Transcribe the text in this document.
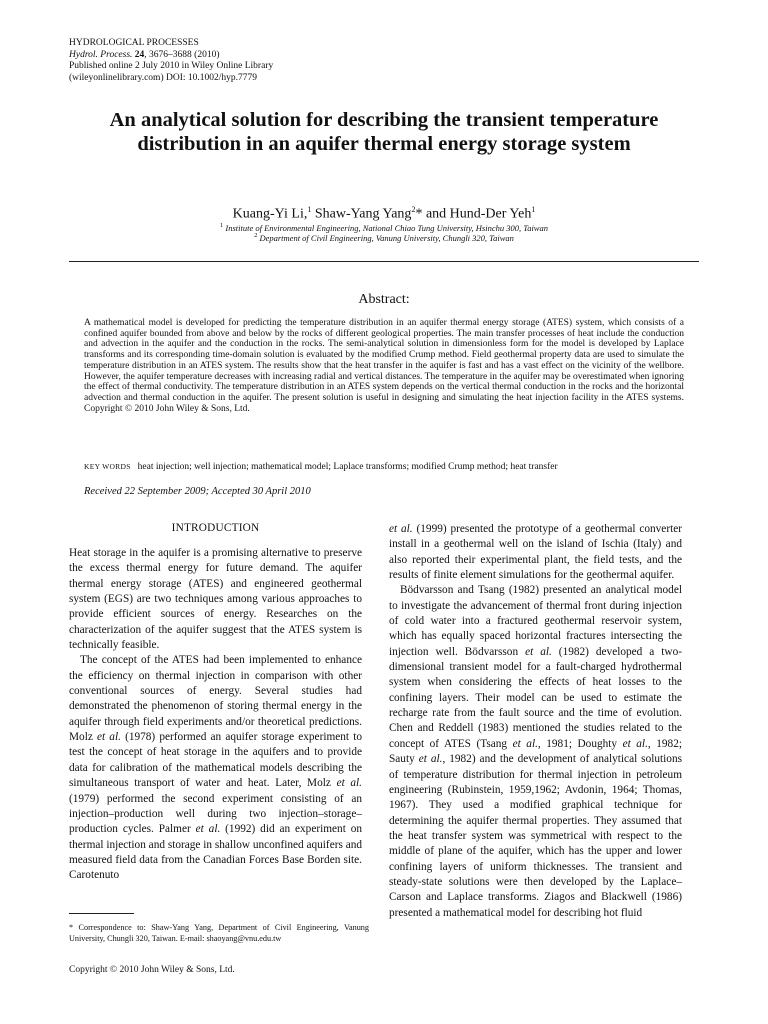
HYDROLOGICAL PROCESSES
Hydrol. Process. 24, 3676–3688 (2010)
Published online 2 July 2010 in Wiley Online Library
(wileyonlinelibrary.com) DOI: 10.1002/hyp.7779
An analytical solution for describing the transient temperature distribution in an aquifer thermal energy storage system
Kuang-Yi Li,$^1$ Shaw-Yang Yang$^2$* and Hund-Der Yeh$^1$
$^1$ Institute of Environmental Engineering, National Chiao Tung University, Hsinchu 300, Taiwan
$^2$ Department of Civil Engineering, Vanung University, Chungli 320, Taiwan
Abstract:

A mathematical model is developed for predicting the temperature distribution in an aquifer thermal energy storage (ATES) system, which consists of a confined aquifer bounded from above and below by the rocks of different geological properties. The main transfer processes of heat include the conduction and advection in the aquifer and the conduction in the rocks. The semi-analytical solution in dimensionless form for the model is developed by Laplace transforms and its corresponding time-domain solution is evaluated by the modified Crump method. Field geothermal property data are used to simulate the temperature distribution in an ATES system. The results show that the heat transfer in the aquifer is fast and has a vast effect on the vicinity of the wellbore. However, the aquifer temperature decreases with increasing radial and vertical distances. The temperature in the aquifer may be overestimated when ignoring the effect of thermal conductivity. The temperature distribution in an ATES system depends on the vertical thermal conduction in the rocks and the horizontal advection and thermal conduction in the aquifer. The present solution is useful in designing and simulating the heat injection facility in the ATES systems. Copyright © 2010 John Wiley & Sons, Ltd.

KEY WORDS heat injection; well injection; mathematical model; Laplace transforms; modified Crump method; heat transfer
Received 22 September 2009; Accepted 30 April 2010
INTRODUCTION

Heat storage in the aquifer is a promising alternative to preserve the excess thermal energy for future demand. The aquifer thermal energy storage (ATES) and engineered geothermal system (EGS) are two techniques among various approaches to provide efficient sources of energy. Researches on the characterization of the aquifer suggest that the ATES system is technically feasible.

The concept of the ATES had been implemented to enhance the efficiency on thermal injection in comparison with other conventional sources of energy. Several studies had demonstrated the phenomenon of storing thermal energy in the aquifer through field experiments and/or theoretical predictions. Molz et al. (1978) performed an aquifer storage experiment to test the concept of heat storage in the aquifers and to provide data for calibration of the mathematical models describing the simultaneous transport of water and heat. Later, Molz et al. (1979) performed the second experiment consisting of an injection–production well during two injection–storage–production cycles. Palmer et al. (1992) did an experiment on thermal injection and storage in shallow unconfined aquifers and measured field data from the Canadian Forces Base Borden site. Carotenuto

et al. (1999) presented the prototype of a geothermal converter install in a geothermal well on the island of Ischia (Italy) and also reported their experimental plant, the field tests, and the results of finite element simulations for the geothermal aquifer.

Bödvarsson and Tsang (1982) presented an analytical model to investigate the advancement of thermal front during injection of cold water into a fractured geothermal reservoir system, which has equally spaced horizontal fractures intersecting the injection well. Bödvarsson et al. (1982) developed a two-dimensional transient model for a fault-charged hydrothermal system when considering the effects of heat losses to the confining layers. Their model can be used to estimate the recharge rate from the fault source and the time of evolution. Chen and Reddell (1983) mentioned the studies related to the concept of ATES (Tsang et al., 1981; Doughty et al., 1982; Sauty et al., 1982) and the development of analytical solutions of temperature distribution for thermal injection in petroleum engineering (Rubinstein, 1959,1962; Avdonin, 1964; Thomas, 1967). They used a modified graphical technique for determining the aquifer thermal properties. They assumed that the heat transfer system was symmetrical with respect to the middle of plane of the aquifer, which has the upper and lower confining layers of uniform thicknesses. The transient and steady-state solutions were then developed by the Laplace–Carson and Laplace transforms. Ziagos and Blackwell (1986) presented a mathematical model for describing hot fluid

* Correspondence to: Shaw-Yang Yang, Department of Civil Engineering, Vanung University, Chungli 320, Taiwan. E-mail: shaoyang@vnu.edu.tw
Copyright © 2010 John Wiley & Sons, Ltd.
